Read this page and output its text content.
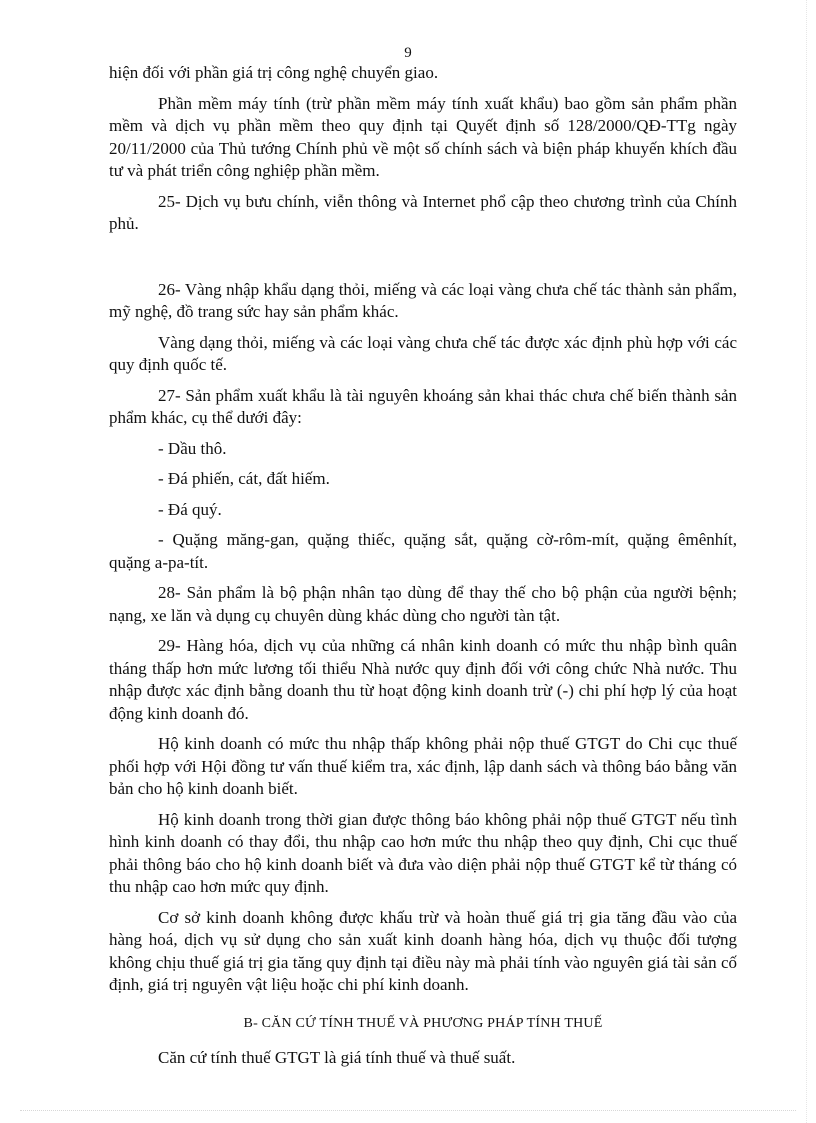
9

hiện đối với phần giá trị công nghệ chuyển giao.

Phần mềm máy tính (trừ phần mềm máy tính xuất khẩu) bao gồm sản phẩm phần mềm và dịch vụ phần mềm theo quy định tại Quyết định số 128/2000/QĐ-TTg ngày 20/11/2000 của Thủ tướng Chính phủ về một số chính sách và biện pháp khuyến khích đầu tư và phát triển công nghiệp phần mềm.

25- Dịch vụ bưu chính, viễn thông và Internet phổ cập theo chương trình của Chính phủ.

26- Vàng nhập khẩu dạng thỏi, miếng và các loại vàng chưa chế tác thành sản phẩm, mỹ nghệ, đồ trang sức hay sản phẩm khác.

Vàng dạng thỏi, miếng và các loại vàng chưa chế tác được xác định phù hợp với các quy định quốc tế.

27- Sản phẩm xuất khẩu là tài nguyên khoáng sản khai thác chưa chế biến thành sản phẩm khác, cụ thể dưới đây:

- Dầu thô.

- Đá phiến, cát, đất hiếm.

- Đá quý.

- Quặng măng-gan, quặng thiếc, quặng sắt, quặng cờ-rôm-mít, quặng êmênhít, quặng a-pa-tít.

28- Sản phẩm là bộ phận nhân tạo dùng để thay thế cho bộ phận của người bệnh; nạng, xe lăn và dụng cụ chuyên dùng khác dùng cho người tàn tật.

29- Hàng hóa, dịch vụ của những cá nhân kinh doanh có mức thu nhập bình quân tháng thấp hơn mức lương tối thiểu Nhà nước quy định đối với công chức Nhà nước. Thu nhập được xác định bằng doanh thu từ hoạt động kinh doanh trừ (-) chi phí hợp lý của hoạt động kinh doanh đó.

Hộ kinh doanh có mức thu nhập thấp không phải nộp thuế GTGT do Chi cục thuế phối hợp với Hội đồng tư vấn thuế kiểm tra, xác định, lập danh sách và thông báo bằng văn bản cho hộ kinh doanh biết.

Hộ kinh doanh trong thời gian được thông báo không phải nộp thuế GTGT nếu tình hình kinh doanh có thay đổi, thu nhập cao hơn mức thu nhập theo quy định, Chi cục thuế phải thông báo cho hộ kinh doanh biết và đưa vào diện phải nộp thuế GTGT kể từ tháng có thu nhập cao hơn mức quy định.

Cơ sở kinh doanh không được khấu trừ và hoàn thuế giá trị gia tăng đầu vào của hàng hoá, dịch vụ sử dụng cho sản xuất kinh doanh hàng hóa, dịch vụ thuộc đối tượng không chịu thuế giá trị gia tăng quy định tại điều này mà phải tính vào nguyên giá tài sản cố định, giá trị nguyên vật liệu hoặc chi phí kinh doanh.

B- CĂN CỨ TÍNH THUẾ VÀ PHƯƠNG PHÁP TÍNH THUẾ

Căn cứ tính thuế GTGT là giá tính thuế và thuế suất.
